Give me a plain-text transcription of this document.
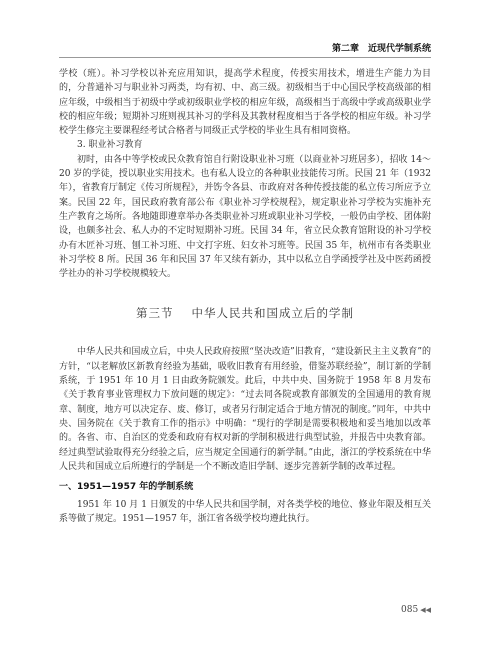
第二章　近现代学制系统

学校（班）。补习学校以补充应用知识，提高学术程度，传授实用技术，增进生产能力为目的，分普通补习与职业补习两类，均有初、中、高三级。初级相当于中心国民学校高级部的相应年级，中级相当于初级中学或初级职业学校的相应年级，高级相当于高级中学或高级职业学校的相应年级；短期补习班则视其补习的学科及其教材程度相当于各学校的相应年级。补习学校学生修完主要课程经考试合格者与同级正式学校的毕业生具有相同资格。

3. 职业补习教育

初时，由各中等学校或民众教育馆自行附设职业补习班（以商业补习班居多），招收 14～20 岁的学徒，授以职业实用技术。也有私人设立的各种职业技能传习所。民国 21 年（1932 年），省教育厅制定《传习所规程》，并饬令各县、市政府对各种传授技能的私立传习所应予立案。民国 22 年，国民政府教育部公布《职业补习学校规程》，规定职业补习学校为实施补充生产教育之场所。各地随即遵章举办各类职业补习班或职业补习学校，一般仍由学校、团体附设，也颇多社会、私人办的不定时短期补习班。民国 34 年，省立民众教育馆附设的补习学校办有木匠补习班、刨工补习班、中文打字班、妇女补习班等。民国 35 年，杭州市有各类职业补习学校 8 所。民国 36 年和民国 37 年又续有新办，其中以私立自学函授学社及中医药函授学社办的补习学校规模较大。

第三节 中华人民共和国成立后的学制

中华人民共和国成立后，中央人民政府按照“坚决改造”旧教育，“建设新民主主义教育”的方针，“以老解放区新教育经验为基础，吸收旧教育有用经验，借鉴苏联经验”，制订新的学制系统，于 1951 年 10 月 1 日由政务院颁发。此后，中共中央、国务院于 1958 年 8 月发布《关于教育事业管理权力下放问题的规定》：“过去同各院或教育部颁发的全国通用的教育规章、制度，地方可以决定存、废、修订，或者另行制定适合于地方情况的制度。”同年，中共中央、国务院在《关于教育工作的指示》中明确：“现行的学制是需要积极地和妥当地加以改革的。各省、市、自治区的党委和政府有权对新的学制积极进行典型试验，并报告中央教育部。经过典型试验取得充分经验之后，应当规定全国通行的新学制。”由此，浙江的学校系统在中华人民共和国成立后所遵行的学制是一个不断改造旧学制、逐步完善新学制的改革过程。

一、1951—1957 年的学制系统

1951 年 10 月 1 日颁发的中华人民共和国学制，对各类学校的地位、修业年限及相互关系等做了规定。1951—1957 年，浙江省各级学校均遵此执行。

085 ◀◀
